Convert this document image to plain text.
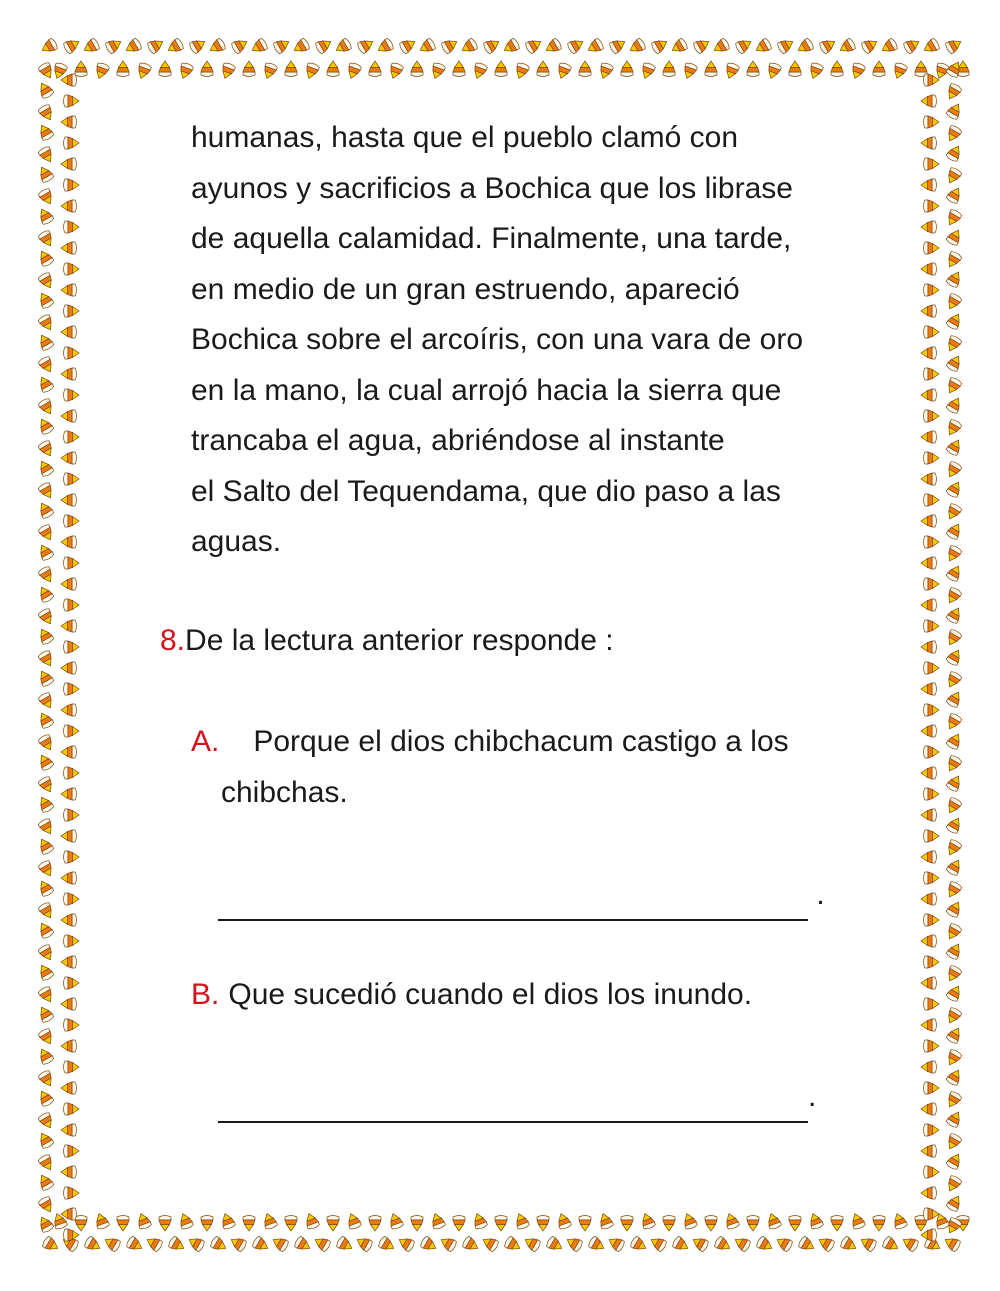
humanas, hasta que el pueblo clamó con
ayunos y sacrificios a Bochica que los librase
de aquella calamidad. Finalmente, una tarde,
en medio de un gran estruendo, apareció
Bochica sobre el arcoíris, con una vara de oro
en la mano, la cual arrojó hacia la sierra que
trancaba el agua, abriéndose al instante
el Salto del Tequendama, que dio paso a las
aguas.
8.De la lectura anterior responde :
A. Porque el dios chibchacum castigo a los
chibchas.
.
B. Que sucedió cuando el dios los inundo.
.
